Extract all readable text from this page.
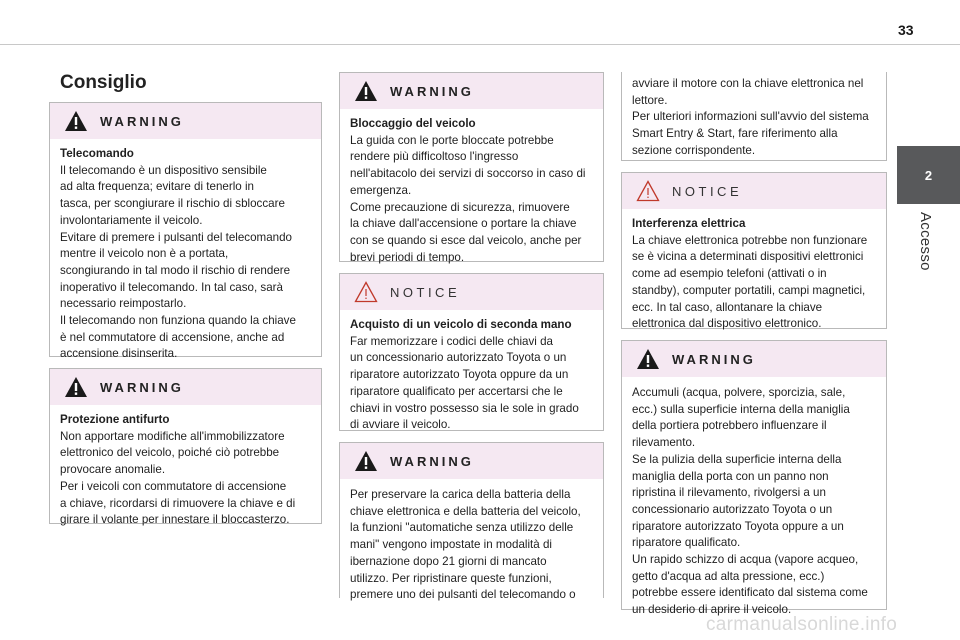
33
2
Accesso
Consiglio
WARNING
Telecomando
Il telecomando è un dispositivo sensibile
ad alta frequenza; evitare di tenerlo in
tasca, per scongiurare il rischio di sbloccare
involontariamente il veicolo.
Evitare di premere i pulsanti del telecomando
mentre il veicolo non è a portata,
scongiurando in tal modo il rischio di rendere
inoperativo il telecomando. In tal caso, sarà
necessario reimpostarlo.
Il telecomando non funziona quando la chiave
è nel commutatore di accensione, anche ad
accensione disinserita.
WARNING
Protezione antifurto
Non apportare modifiche all'immobilizzatore
elettronico del veicolo, poiché ciò potrebbe
provocare anomalie.
Per i veicoli con commutatore di accensione
a chiave, ricordarsi di rimuovere la chiave e di
girare il volante per innestare il bloccasterzo.
WARNING
Bloccaggio del veicolo
La guida con le porte bloccate potrebbe
rendere più difficoltoso l'ingresso
nell'abitacolo dei servizi di soccorso in caso di
emergenza.
Come precauzione di sicurezza, rimuovere
la chiave dall'accensione o portare la chiave
con se quando si esce dal veicolo, anche per
brevi periodi di tempo.
NOTICE
Acquisto di un veicolo di seconda mano
Far memorizzare i codici delle chiavi da
un concessionario autorizzato Toyota o un
riparatore autorizzato Toyota oppure da un
riparatore qualificato per accertarsi che le
chiavi in vostro possesso sia le sole in grado
di avviare il veicolo.
WARNING
Per preservare la carica della batteria della
chiave elettronica e della batteria del veicolo,
la funzioni "automatiche senza utilizzo delle
mani" vengono impostate in modalità di
ibernazione dopo 21 giorni di mancato
utilizzo. Per ripristinare queste funzioni,
premere uno dei pulsanti del telecomando o
avviare il motore con la chiave elettronica nel
lettore.
Per ulteriori informazioni sull'avvio del sistema
Smart Entry & Start, fare riferimento alla
sezione corrispondente.
NOTICE
Interferenza elettrica
La chiave elettronica potrebbe non funzionare
se è vicina a determinati dispositivi elettronici
come ad esempio telefoni (attivati o in
standby), computer portatili, campi magnetici,
ecc. In tal caso, allontanare la chiave
elettronica dal dispositivo elettronico.
WARNING
Accumuli (acqua, polvere, sporcizia, sale,
ecc.) sulla superficie interna della maniglia
della portiera potrebbero influenzare il
rilevamento.
Se la pulizia della superficie interna della
maniglia della porta con un panno non
ripristina il rilevamento, rivolgersi a un
concessionario autorizzato Toyota o un
riparatore autorizzato Toyota oppure a un
riparatore qualificato.
Un rapido schizzo di acqua (vapore acqueo,
getto d'acqua ad alta pressione, ecc.)
potrebbe essere identificato dal sistema come
un desiderio di aprire il veicolo.
carmanualsonline.info
